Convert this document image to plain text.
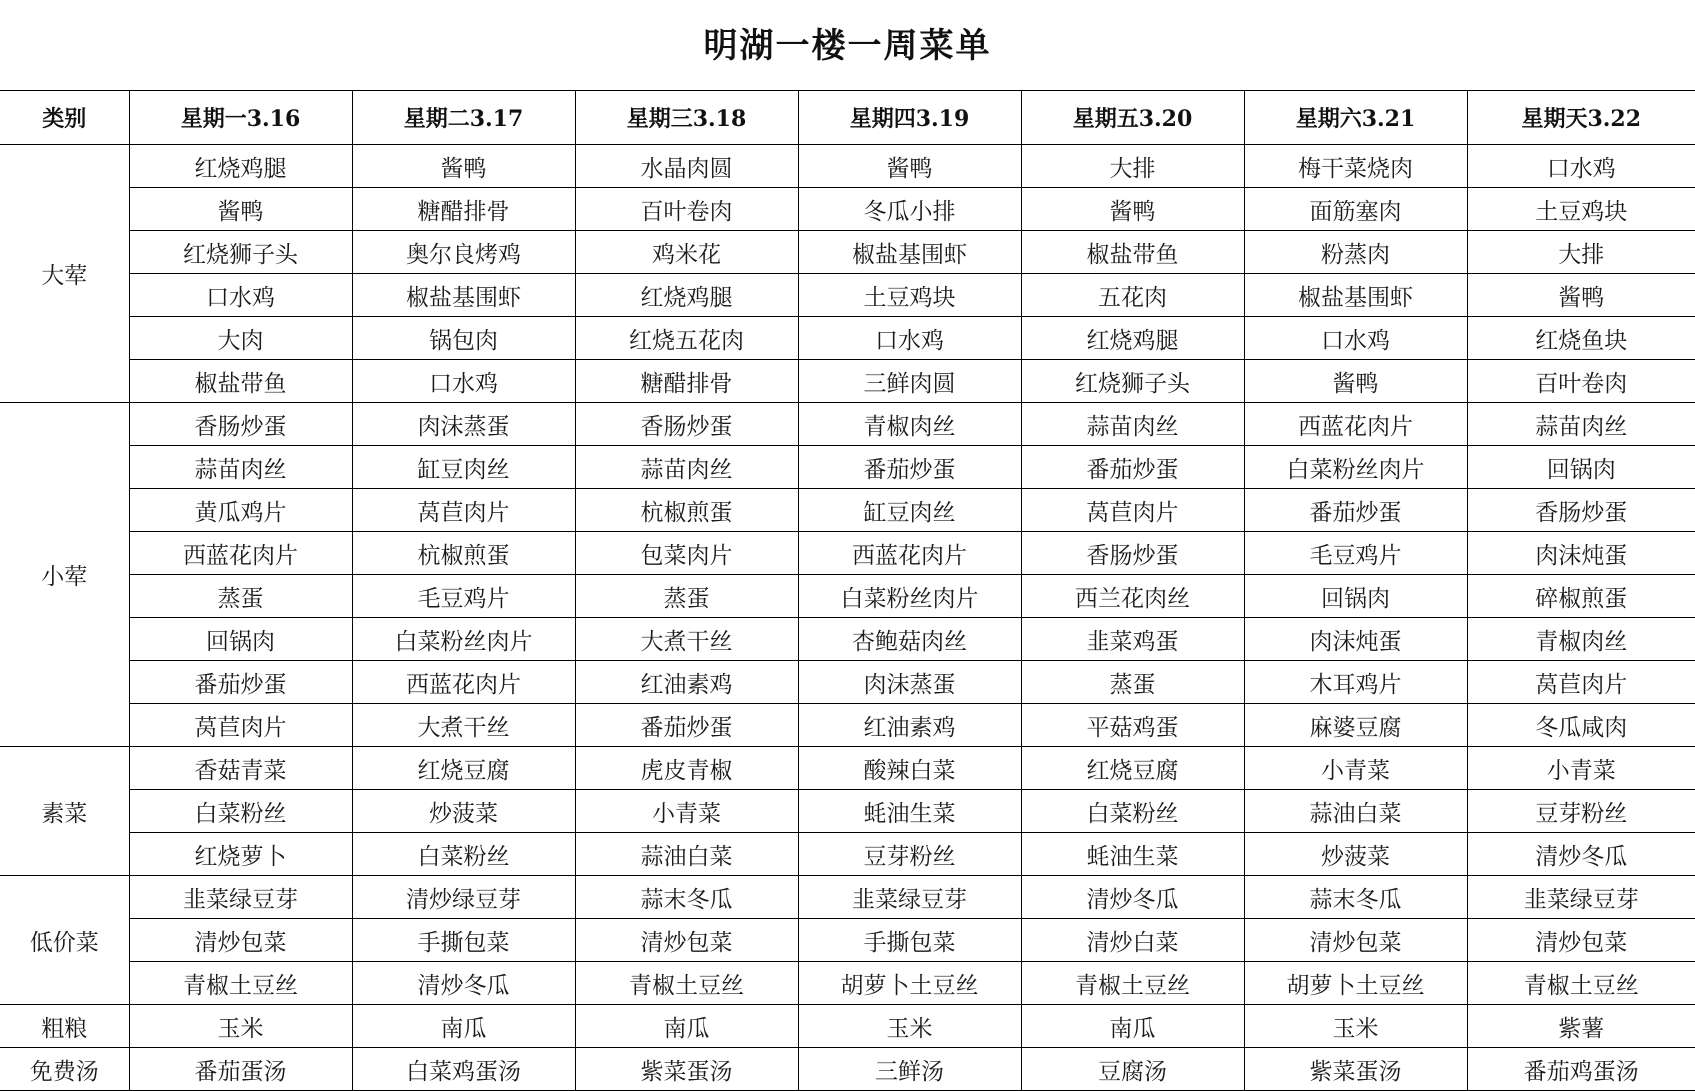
明湖一楼一周菜单
类别	星期一3.16	星期二3.17	星期三3.18	星期四3.19	星期五3.20	星期六3.21	星期天3.22
大荤	红烧鸡腿	酱鸭	水晶肉圆	酱鸭	大排	梅干菜烧肉	口水鸡
	酱鸭	糖醋排骨	百叶卷肉	冬瓜小排	酱鸭	面筋塞肉	土豆鸡块
	红烧狮子头	奥尔良烤鸡	鸡米花	椒盐基围虾	椒盐带鱼	粉蒸肉	大排
	口水鸡	椒盐基围虾	红烧鸡腿	土豆鸡块	五花肉	椒盐基围虾	酱鸭
	大肉	锅包肉	红烧五花肉	口水鸡	红烧鸡腿	口水鸡	红烧鱼块
	椒盐带鱼	口水鸡	糖醋排骨	三鲜肉圆	红烧狮子头	酱鸭	百叶卷肉
小荤	香肠炒蛋	肉沫蒸蛋	香肠炒蛋	青椒肉丝	蒜苗肉丝	西蓝花肉片	蒜苗肉丝
	蒜苗肉丝	缸豆肉丝	蒜苗肉丝	番茄炒蛋	番茄炒蛋	白菜粉丝肉片	回锅肉
	黄瓜鸡片	莴苣肉片	杭椒煎蛋	缸豆肉丝	莴苣肉片	番茄炒蛋	香肠炒蛋
	西蓝花肉片	杭椒煎蛋	包菜肉片	西蓝花肉片	香肠炒蛋	毛豆鸡片	肉沫炖蛋
	蒸蛋	毛豆鸡片	蒸蛋	白菜粉丝肉片	西兰花肉丝	回锅肉	碎椒煎蛋
	回锅肉	白菜粉丝肉片	大煮干丝	杏鲍菇肉丝	韭菜鸡蛋	肉沫炖蛋	青椒肉丝
	番茄炒蛋	西蓝花肉片	红油素鸡	肉沫蒸蛋	蒸蛋	木耳鸡片	莴苣肉片
	莴苣肉片	大煮干丝	番茄炒蛋	红油素鸡	平菇鸡蛋	麻婆豆腐	冬瓜咸肉
素菜	香菇青菜	红烧豆腐	虎皮青椒	酸辣白菜	红烧豆腐	小青菜	小青菜
	白菜粉丝	炒菠菜	小青菜	蚝油生菜	白菜粉丝	蒜油白菜	豆芽粉丝
	红烧萝卜	白菜粉丝	蒜油白菜	豆芽粉丝	蚝油生菜	炒菠菜	清炒冬瓜
低价菜	韭菜绿豆芽	清炒绿豆芽	蒜末冬瓜	韭菜绿豆芽	清炒冬瓜	蒜末冬瓜	韭菜绿豆芽
	清炒包菜	手撕包菜	清炒包菜	手撕包菜	清炒白菜	清炒包菜	清炒包菜
	青椒土豆丝	清炒冬瓜	青椒土豆丝	胡萝卜土豆丝	青椒土豆丝	胡萝卜土豆丝	青椒土豆丝
粗粮	玉米	南瓜	南瓜	玉米	南瓜	玉米	紫薯
免费汤	番茄蛋汤	白菜鸡蛋汤	紫菜蛋汤	三鲜汤	豆腐汤	紫菜蛋汤	番茄鸡蛋汤
